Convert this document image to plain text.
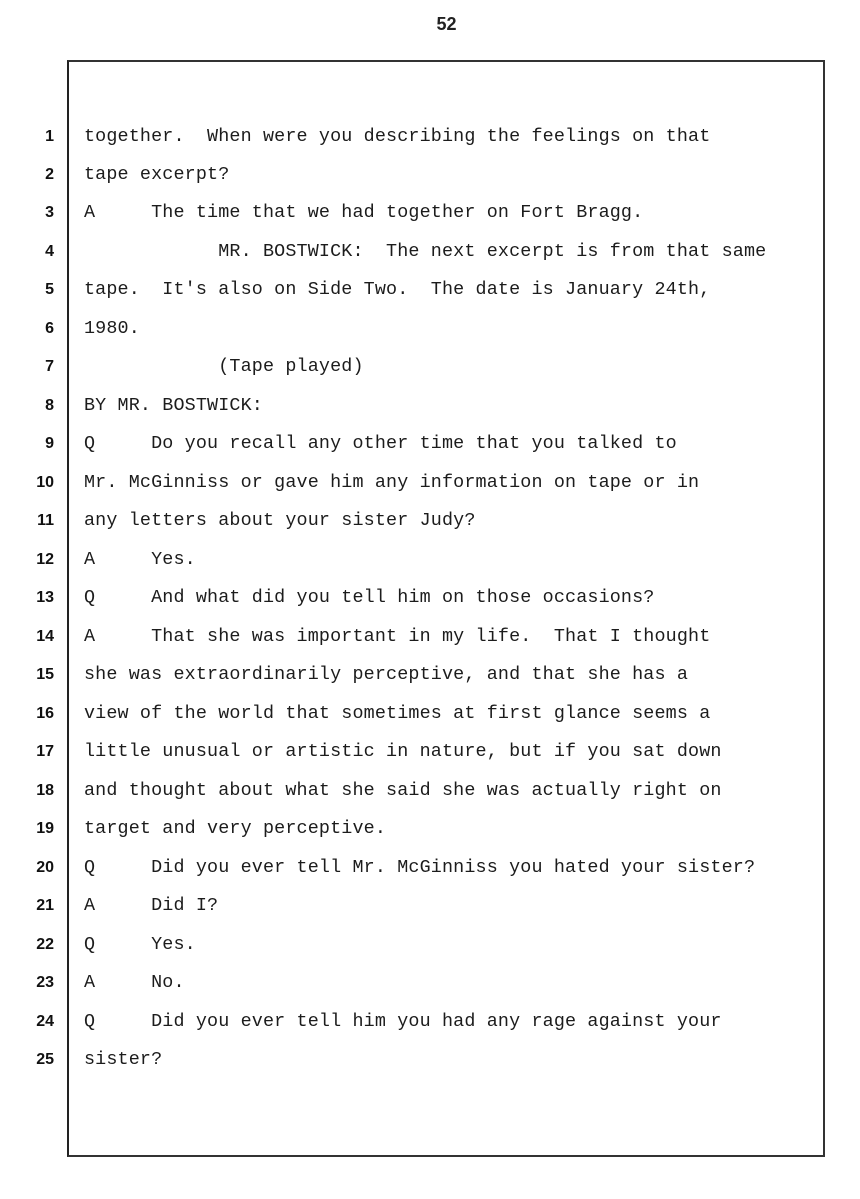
52
1 together.  When were you describing the feelings on that
2 tape excerpt?
3 A     The time that we had together on Fort Bragg.
4 MR. BOSTWICK:  The next excerpt is from that same
5 tape.  It's also on Side Two.  The date is January 24th,
6 1980.
7 (Tape played)
8 BY MR. BOSTWICK:
9 Q     Do you recall any other time that you talked to
10 Mr. McGinniss or gave him any information on tape or in
11 any letters about your sister Judy?
12 A     Yes.
13 Q     And what did you tell him on those occasions?
14 A     That she was important in my life.  That I thought
15 she was extraordinarily perceptive, and that she has a
16 view of the world that sometimes at first glance seems a
17 little unusual or artistic in nature, but if you sat down
18 and thought about what she said she was actually right on
19 target and very perceptive.
20 Q     Did you ever tell Mr. McGinniss you hated your sister?
21 A     Did I?
22 Q     Yes.
23 A     No.
24 Q     Did you ever tell him you had any rage against your
25 sister?
